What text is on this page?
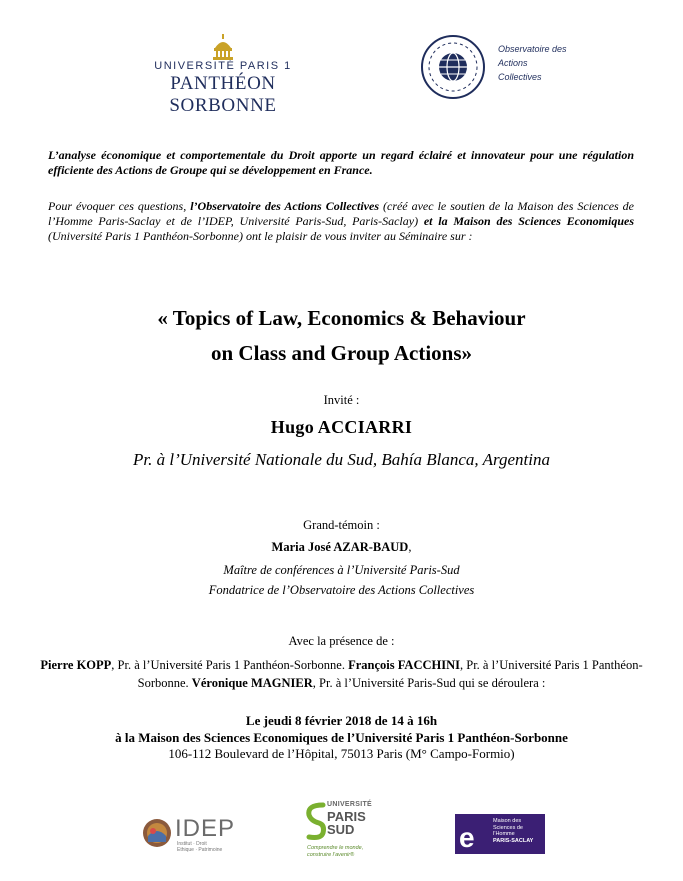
UNIVERSITÉ PARIS 1
PANTHÉON SORBONNE
Observatoire des
Actions
Collectives
L’analyse économique et comportementale du Droit apporte un regard éclairé et innovateur pour une régulation efficiente des Actions de Groupe qui se développement en France.
Pour évoquer ces questions, l’Observatoire des Actions Collectives (créé avec le soutien de la Maison des Sciences de l’Homme Paris-Saclay et de l’IDEP, Université Paris-Sud, Paris-Saclay) et la Maison des Sciences Economiques (Université Paris 1 Panthéon-Sorbonne) ont le plaisir de vous inviter au Séminaire sur :
« Topics of Law, Economics & Behaviour
on Class and Group Actions»
Invité :
Hugo ACCIARRI
Pr. à l’Université Nationale du Sud, Bahía Blanca, Argentina
Grand-témoin :
Maria José AZAR-BAUD,
Maître de conférences à l’Université Paris-Sud
Fondatrice de l’Observatoire des Actions Collectives
Avec la présence de :
Pierre KOPP, Pr. à l’Université Paris 1 Panthéon-Sorbonne. François FACCHINI, Pr. à l’Université Paris 1 Panthéon-Sorbonne. Véronique MAGNIER, Pr. à l’Université Paris-Sud qui se déroulera :
Le jeudi 8 février 2018 de 14 à 16h
à la Maison des Sciences Economiques de l’Université Paris 1 Panthéon-Sorbonne
106-112 Boulevard de l’Hôpital, 75013 Paris (M° Campo-Formio)
IDEP
Institut · Droit
Ethique · Patrimoine
UNIVERSITÉ
PARIS
SUD
Comprendre le monde,
construire l’avenir®
e
Maison des
Sciences de
l’Homme
PARIS-SACLAY
